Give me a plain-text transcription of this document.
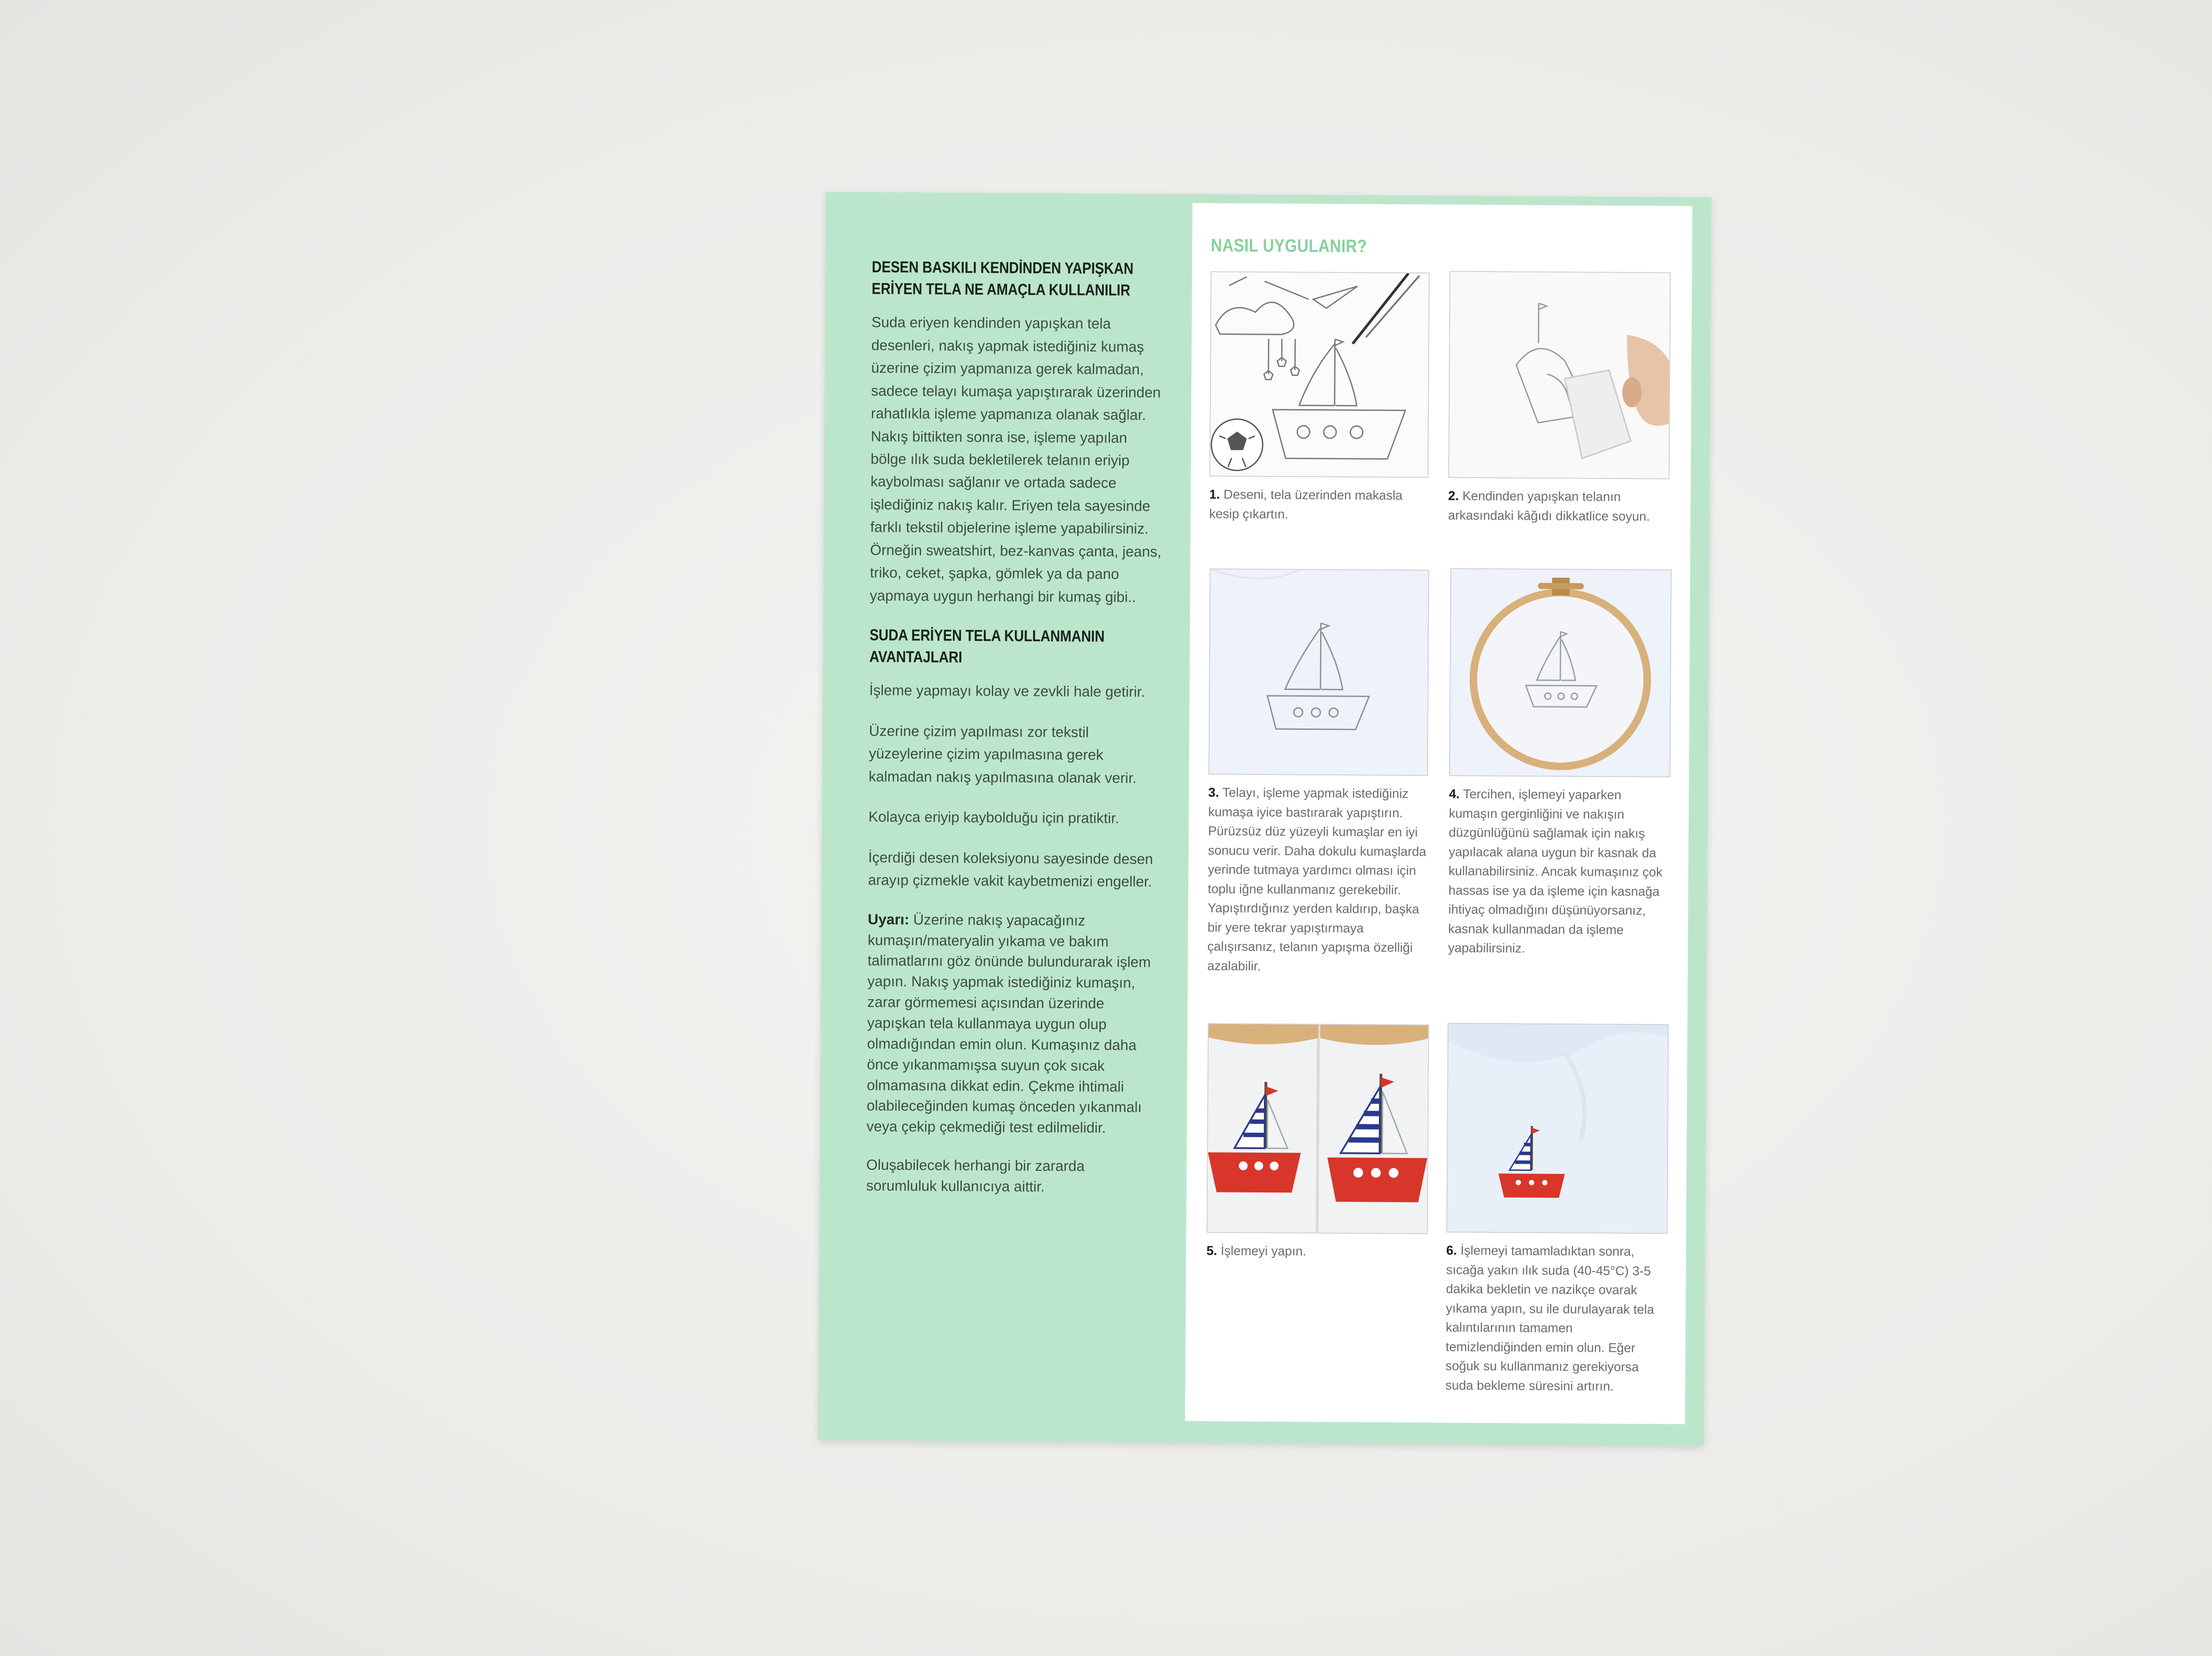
DESEN BASKILI KENDİNDEN YAPIŞKAN ERİYEN TELA NE AMAÇLA KULLANILIR

Suda eriyen kendinden yapışkan tela desenleri, nakış yapmak istediğiniz kumaş üzerine çizim yapmanıza gerek kalmadan, sadece telayı kumaşa yapıştırarak üzerinden rahatlıkla işleme yapmanıza olanak sağlar. Nakış bittikten sonra ise, işleme yapılan bölge ılık suda bekletilerek telanın eriyip kaybolması sağlanır ve ortada sadece işlediğiniz nakış kalır. Eriyen tela sayesinde farklı tekstil objelerine işleme yapabilirsiniz. Örneğin sweatshirt, bez-kanvas çanta, jeans, triko, ceket, şapka, gömlek ya da pano yapmaya uygun herhangi bir kumaş gibi..

SUDA ERİYEN TELA KULLANMANIN AVANTAJLARI

İşleme yapmayı kolay ve zevkli hale getirir.

Üzerine çizim yapılması zor tekstil yüzeylerine çizim yapılmasına gerek kalmadan nakış yapılmasına olanak verir.

Kolayca eriyip kaybolduğu için pratiktir.

İçerdiği desen koleksiyonu sayesinde desen arayıp çizmekle vakit kaybetmenizi engeller.

Uyarı: Üzerine nakış yapacağınız kumaşın/materyalin yıkama ve bakım talimatlarını göz önünde bulundurarak işlem yapın. Nakış yapmak istediğiniz kumaşın, zarar görmemesi açısından üzerinde yapışkan tela kullanmaya uygun olup olmadığından emin olun. Kumaşınız daha önce yıkanmamışsa suyun çok sıcak olmamasına dikkat edin. Çekme ihtimali olabileceğinden kumaş önceden yıkanmalı veya çekip çekmediği test edilmelidir.

Oluşabilecek herhangi bir zararda sorumluluk kullanıcıya aittir.

NASIL UYGULANIR?
1. Deseni, tela üzerinden makasla kesip çıkartın.
2. Kendinden yapışkan telanın arkasındaki kâğıdı dikkatlice soyun.
3. Telayı, işleme yapmak istediğiniz kumaşa iyice bastırarak yapıştırın. Pürüzsüz düz yüzeyli kumaşlar en iyi sonucu verir. Daha dokulu kumaşlarda yerinde tutmaya yardımcı olması için toplu iğne kullanmanız gerekebilir. Yapıştırdığınız yerden kaldırıp, başka bir yere tekrar yapıştırmaya çalışırsanız, telanın yapışma özelliği azalabilir.
4. Tercihen, işlemeyi yaparken kumaşın gerginliğini ve nakışın düzgünlüğünü sağlamak için nakış yapılacak alana uygun bir kasnak da kullanabilirsiniz. Ancak kumaşınız çok hassas ise ya da işleme için kasnağa ihtiyaç olmadığını düşünüyorsanız, kasnak kullanmadan da işleme yapabilirsiniz.
5. İşlemeyi yapın.	6. İşlemeyi tamamladıktan sonra, sıcağa yakın ılık suda (40-45°C) 3-5 dakika bekletin ve nazikçe ovarak yıkama yapın, su ile durulayarak tela kalıntılarının tamamen temizlendiğinden emin olun. Eğer soğuk su kullanmanız gerekiyorsa suda bekleme süresini artırın.
